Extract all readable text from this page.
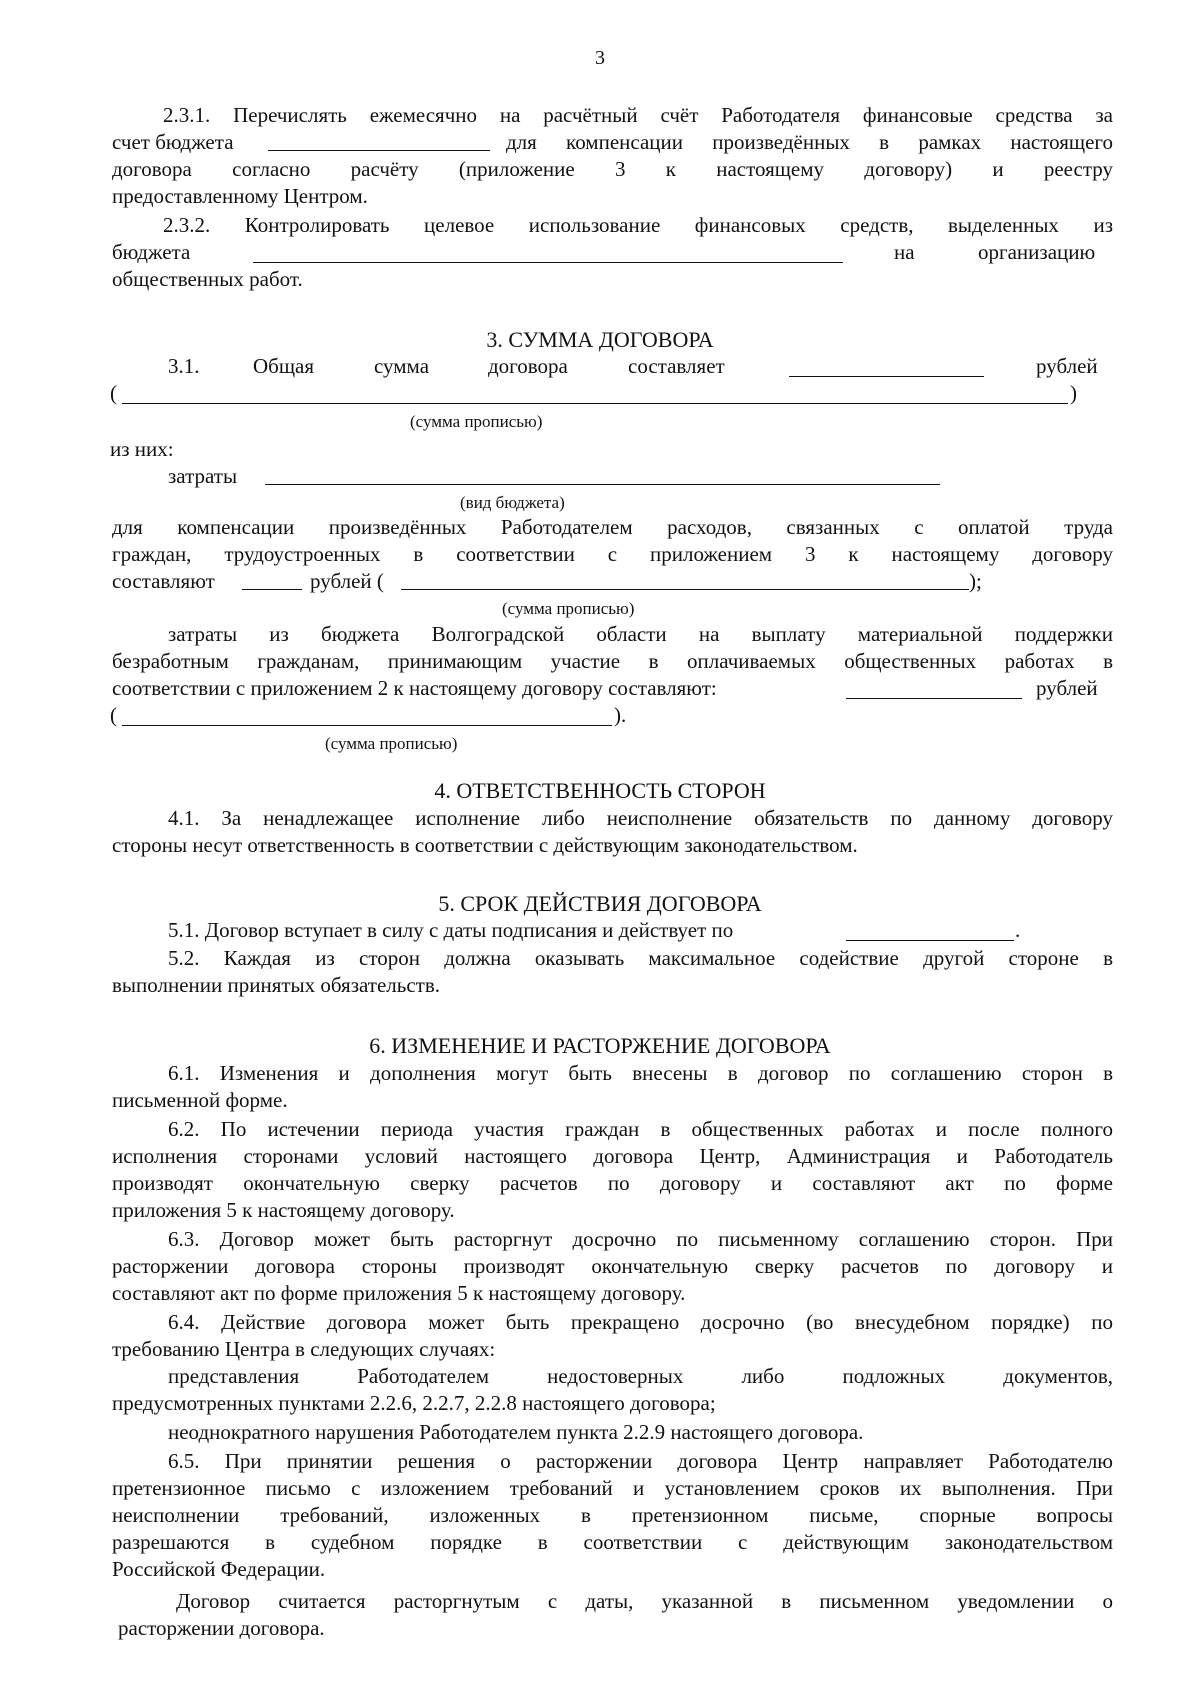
3
2.3.1. Перечислять ежемесячно на расчётный счёт Работодателя финансовые средства за
счет бюджета	для компенсации произведённых в рамках настоящего
договора согласно расчёту (приложение 3 к настоящему договору) и реестру
предоставленному Центром.
2.3.2. Контролировать целевое использование финансовых средств, выделенных из
бюджета	на	организацию
общественных работ.
3. СУММА ДОГОВОРА
3.1.	Общая	сумма	договора	составляет	рублей
(	)
(сумма прописью)
из них:
затраты
(вид бюджета)
для компенсации произведённых Работодателем расходов, связанных с оплатой труда
граждан, трудоустроенных в соответствии с приложением 3 к настоящему договору
составляют	рублей (	);
(сумма прописью)
затраты из бюджета Волгоградской области на выплату материальной поддержки
безработным гражданам, принимающим участие в оплачиваемых общественных работах в
соответствии с приложением 2 к настоящему договору составляют:	рублей
(	).
(сумма прописью)
4. ОТВЕТСТВЕННОСТЬ СТОРОН
4.1. За ненадлежащее исполнение либо неисполнение обязательств по данному договору
стороны несут ответственность в соответствии с действующим законодательством.
5. СРОК ДЕЙСТВИЯ ДОГОВОРА
5.1. Договор вступает в силу с даты подписания и действует по	.
5.2. Каждая из сторон должна оказывать максимальное содействие другой стороне в
выполнении принятых обязательств.
6. ИЗМЕНЕНИЕ И РАСТОРЖЕНИЕ ДОГОВОРА
6.1. Изменения и дополнения могут быть внесены в договор по соглашению сторон в
письменной форме.
6.2. По истечении периода участия граждан в общественных работах и после полного
исполнения сторонами условий настоящего договора Центр, Администрация и Работодатель
производят окончательную сверку расчетов по договору и составляют акт по форме
приложения 5 к настоящему договору.
6.3. Договор может быть расторгнут досрочно по письменному соглашению сторон. При
расторжении договора стороны производят окончательную сверку расчетов по договору и
составляют акт по форме приложения 5 к настоящему договору.
6.4. Действие договора может быть прекращено досрочно (во внесудебном порядке) по
требованию Центра в следующих случаях:
представления Работодателем недостоверных либо подложных документов,
предусмотренных пунктами 2.2.6, 2.2.7, 2.2.8 настоящего договора;
неоднократного нарушения Работодателем пункта 2.2.9 настоящего договора.
6.5. При принятии решения о расторжении договора Центр направляет Работодателю
претензионное письмо с изложением требований и установлением сроков их выполнения. При
неисполнении требований, изложенных в претензионном письме, спорные вопросы
разрешаются в судебном порядке в соответствии с действующим законодательством
Российской Федерации.
Договор считается расторгнутым с даты, указанной в письменном уведомлении о
расторжении договора.
